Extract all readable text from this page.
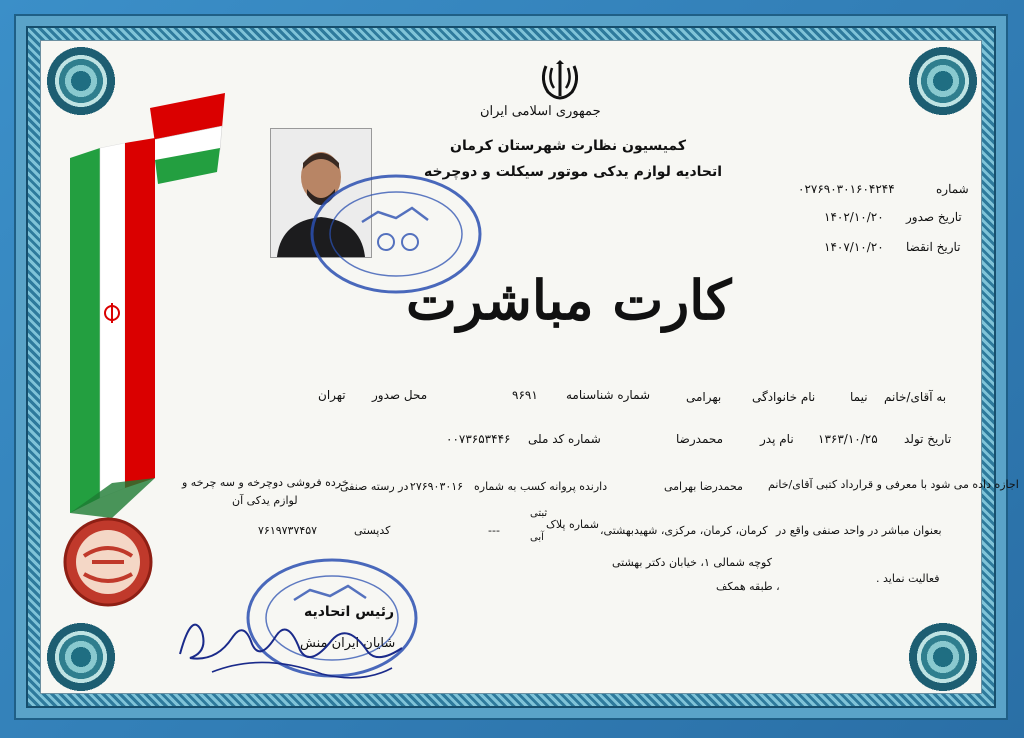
جمهوری اسلامی ایران
کمیسیون نظارت شهرستان کرمان
اتحادیه لوازم یدکی موتور سیکلت و دوچرخه
شماره
۰۲۷۶۹۰۳۰۱۶۰۴۲۴۴
تاریخ صدور
۱۴۰۲/۱۰/۲۰
تاریخ انقضا
۱۴۰۷/۱۰/۲۰
کارت مباشرت
به آقای/خانم
نیما
نام خانوادگی
بهرامی
شماره شناسنامه
۹۶۹۱
محل صدور
تهران
تاریخ تولد
۱۳۶۳/۱۰/۲۵
نام پدر
محمدرضا
شماره کد ملی
۰۰۷۳۶۵۳۴۴۶
اجازه داده می شود با معرفی و قرارداد کتبی آقای/خانم
محمدرضا بهرامی
دارنده پروانه کسب به شماره
۰۲۷۶۹۰۳۰۱۶
در رسته صنفی
خرده فروشی دوچرخه و سه چرخه و
لوازم یدکی آن
بعنوان مباشر در واحد صنفی واقع در
کرمان، کرمان، مرکزی، شهیدبهشتی،
شماره پلاک
ثبتی
آبی
---
کدپستی
۷۶۱۹۷۳۷۴۵۷
کوچه شمالی ۱، خیابان دکتر بهشتی
، طبقه همکف
فعالیت نماید .
رئیس اتحادیه
شایان ایران منش
